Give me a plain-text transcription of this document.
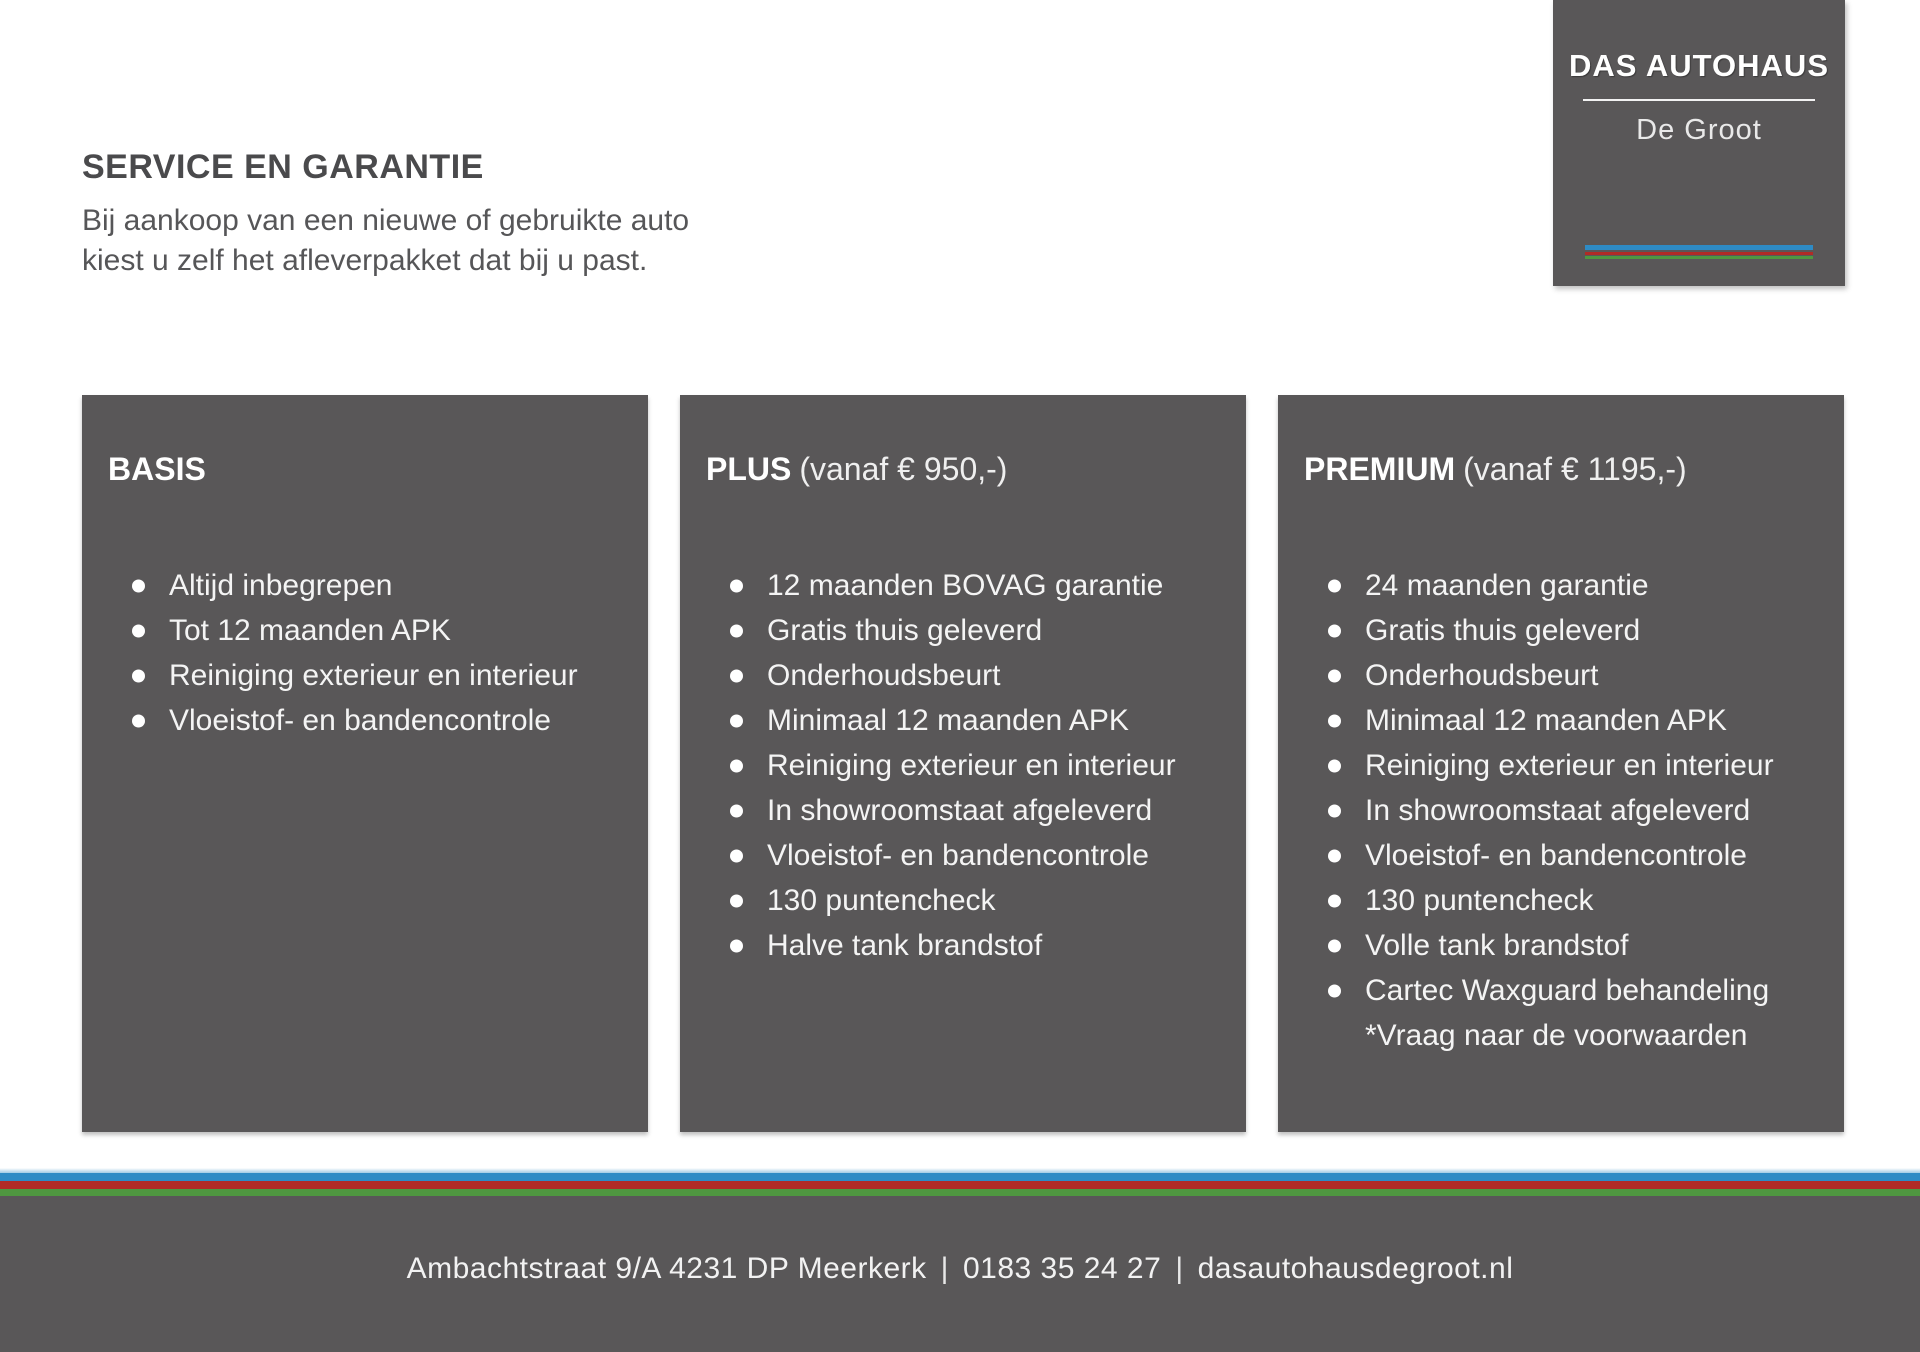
DAS AUTOHAUS
De Groot
SERVICE EN GARANTIE

Bij aankoop van een nieuwe of gebruikte auto
kiest u zelf het afleverpakket dat bij u past.

BASIS
Altijd inbegrepen
Tot 12 maanden APK
Reiniging exterieur en interieur
Vloeistof- en bandencontrole
PLUS (vanaf € 950,-)
12 maanden BOVAG garantie
Gratis thuis geleverd
Onderhoudsbeurt
Minimaal 12 maanden APK
Reiniging exterieur en interieur
In showroomstaat afgeleverd
Vloeistof- en bandencontrole
130 puntencheck
Halve tank brandstof
PREMIUM (vanaf € 1195,-)
24 maanden garantie
Gratis thuis geleverd
Onderhoudsbeurt
Minimaal 12 maanden APK
Reiniging exterieur en interieur
In showroomstaat afgeleverd
Vloeistof- en bandencontrole
130 puntencheck
Volle tank brandstof
Cartec Waxguard behandeling
*Vraag naar de voorwaarden
Ambachtstraat 9/A 4231 DP Meerkerk | 0183 35 24 27 | dasautohausdegroot.nl
